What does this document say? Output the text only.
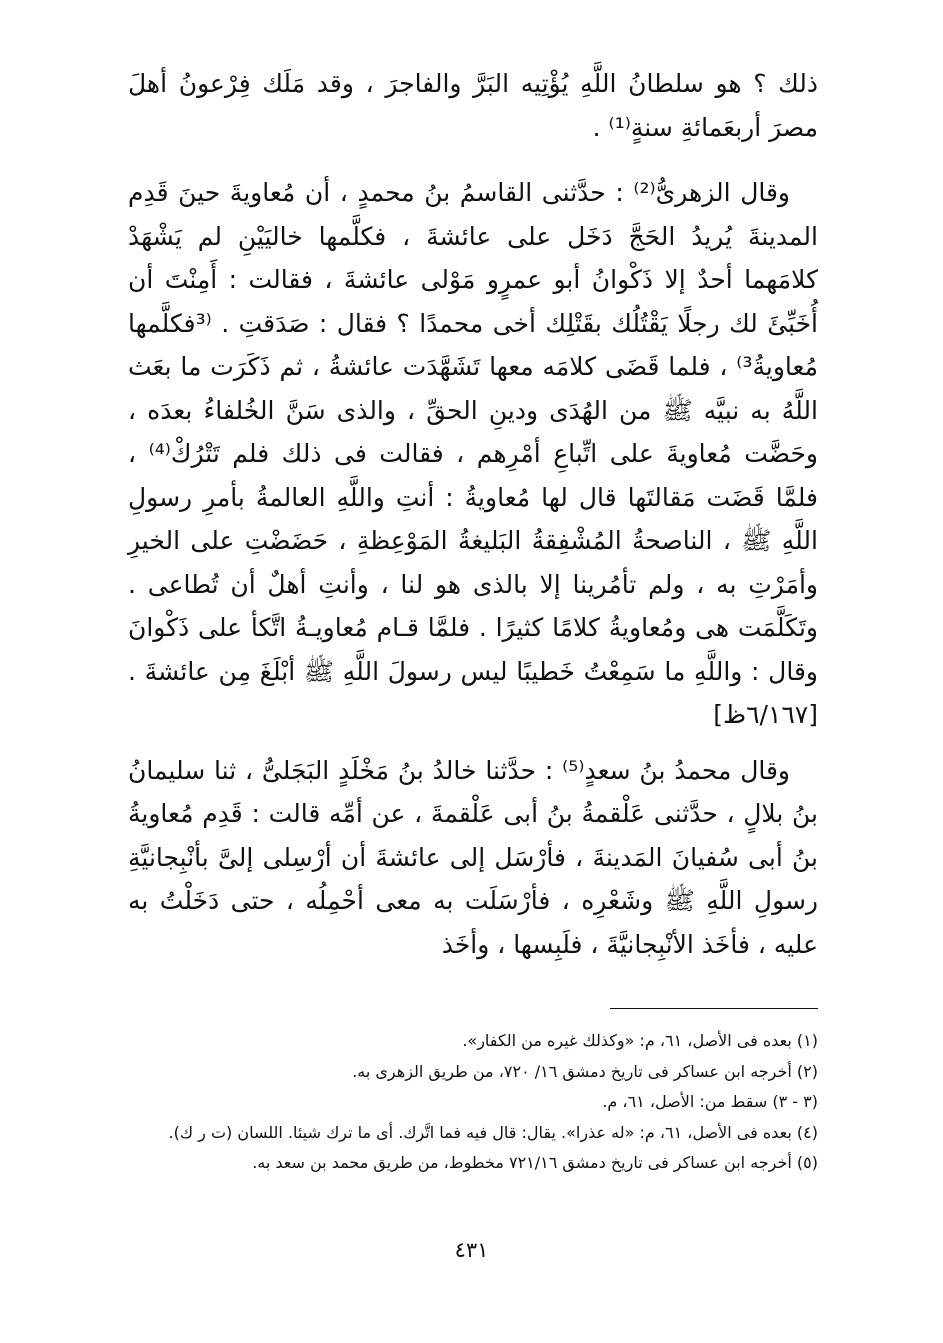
ذلك ؟ هو سلطانُ اللَّهِ يُؤْتِيه البَرَّ والفاجرَ ، وقد مَلَك فِرْعونُ أهلَ مصرَ أربعَمائةِ سنةٍ⁽¹⁾ .

وقال الزهرىُّ⁽²⁾ : حدَّثنى القاسمُ بنُ محمدٍ ، أن مُعاويةَ حينَ قَدِم المدينةَ يُريدُ الحَجَّ دَخَل على عائشةَ ، فكلَّمها خاليَيْنِ لم يَشْهَدْ كلامَهما أحدٌ إلا ذَكْوانُ أبو عمرٍو مَوْلى عائشةَ ، فقالت : أَمِنْتَ أن أُخَبِّئَ لك رجلًا يَقْتُلُك بقَتْلِك أخى محمدًا ؟ فقال : صَدَقتِ . ⁽³فكلَّمها مُعاويةُ³⁾ ، فلما قَضَى كلامَه معها تَشَهَّدَت عائشةُ ، ثم ذَكَرَت ما بعَث اللَّهُ به نبيَّه ﷺ من الهُدَى ودينِ الحقِّ ، والذى سَنَّ الخُلفاءُ بعدَه ، وحَضَّت مُعاويةَ على اتِّباعِ أمْرِهم ، فقالت فى ذلك فلم تَتْرُكْ⁽⁴⁾ ، فلمَّا قَضَت مَقالتَها قال لها مُعاويةُ : أنتِ واللَّهِ العالمةُ بأمرِ رسولِ اللَّهِ ﷺ ، الناصحةُ المُشْفِقةُ البَليغةُ المَوْعِظةِ ، حَضَضْتِ على الخيرِ وأمَرْتِ به ، ولم تأمُرينا إلا بالذى هو لنا ، وأنتِ أهلٌ أن تُطاعى . وتَكَلَّمَت هى ومُعاويةُ كلامًا كثيرًا . فلمَّا قـام مُعاويـةُ اتَّكأ على ذَكْوانَ وقال : واللَّهِ ما سَمِعْتُ خَطيبًا ليس رسولَ اللَّهِ ﷺ أبْلَغَ مِن عائشةَ . [٦/١٦٧ظ]

وقال محمدُ بنُ سعدٍ⁽⁵⁾ : حدَّثنا خالدُ بنُ مَخْلَدٍ البَجَلىُّ ، ثنا سليمانُ بنُ بلالٍ ، حدَّثنى عَلْقمةُ بنُ أبى عَلْقمةَ ، عن أمِّه قالت : قَدِم مُعاويةُ بنُ أبى سُفيانَ المَدينةَ ، فأرْسَل إلى عائشةَ أن أرْسِلى إلىَّ بأنْبِجانيَّةِ رسولِ اللَّهِ ﷺ وشَعْرِه ، فأرْسَلَت به معى أحْمِلُه ، حتى دَخَلْتُ به عليه ، فأخَذ الأنْبِجانيَّةَ ، فلَبِسها ، وأخَذ

(١) بعده فى الأصل، ٦١، م: «وكذلك غيره من الكفار».

(٢) أخرجه ابن عساكر فى تاريخ دمشق ١٦/ ٧٢٠، من طريق الزهرى به.

(٣ - ٣) سقط من: الأصل، ٦١، م.

(٤) بعده فى الأصل، ٦١، م: «له عذرا». يقال: قال فيه فما اتَّرك. أى ما ترك شيئا. اللسان (ت ر ك).

(٥) أخرجه ابن عساكر فى تاريخ دمشق ٧٢١/١٦ مخطوط، من طريق محمد بن سعد به.

٤٣١
